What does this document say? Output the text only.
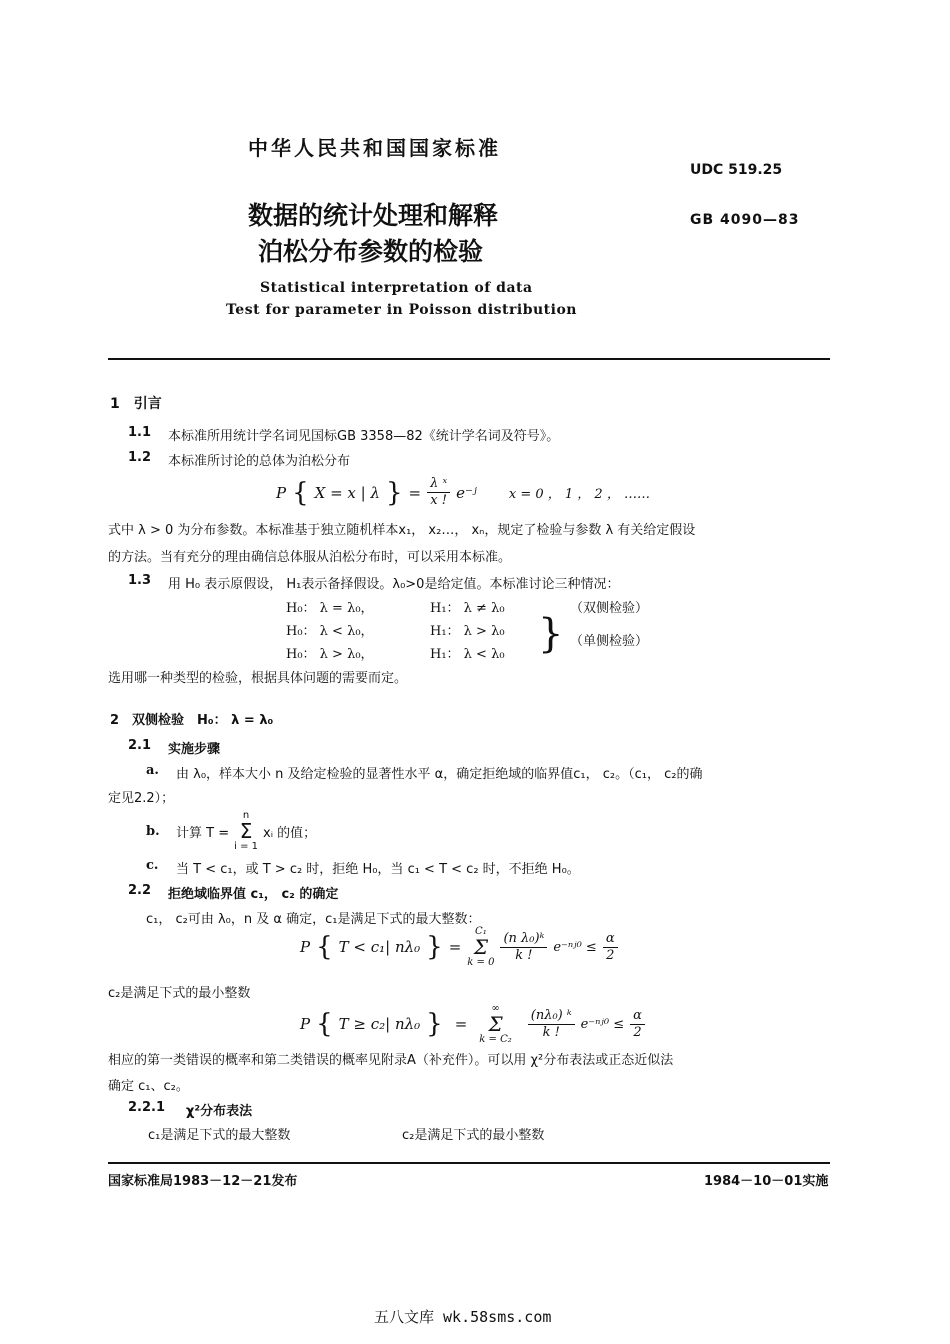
中华人民共和国国家标准
UDC 519.25
数据的统计处理和解释	GB 4090—83
泊松分布参数的检验
Statistical interpretation of data
Test for parameter in Poisson distribution
1　引言
1.1 本标准所用统计学名词见国标GB 3358—82《统计学名词及符号》。
1.2 本标准所讨论的总体为泊松分布
P { X = x | λ } = $\frac{\text{λ ˣ}}{x !}$ e⁻ʲ x = 0 ， 1 ， 2 ， ……
式中 λ > 0 为分布参数。本标准基于独立随机样本x₁， x₂…， xₙ，规定了检验与参数 λ 有关给定假设
的方法。当有充分的理由确信总体服从泊松分布时，可以采用本标准。
1.3 用 H₀ 表示原假设， H₁表示备择假设。λ₀>0是给定值。本标准讨论三种情况：
H₀： λ = λ₀，	H₁： λ ≠ λ₀	（双侧检验）
H₀： λ < λ₀，	H₁： λ > λ₀
H₀： λ > λ₀，	H₁： λ < λ₀ } （单侧检验）
选用哪一种类型的检验，根据具体问题的需要而定。
2　双侧检验　H₀： λ = λ₀
2.1 实施步骤
a. 由 λ₀，样本大小 n 及给定检验的显著性水平 α，确定拒绝域的临界值c₁， c₂。（c₁， c₂的确
定见2.2）；
b. 计算 T =
n
Σ
i = 1
xᵢ 的值；
c. 当 T < c₁，或 T > c₂ 时，拒绝 H₀，当 c₁ < T < c₂ 时，不拒绝 H₀。
2.2 拒绝域临界值 c₁， c₂ 的确定
c₁， c₂可由 λ₀，n 及 α 确定，c₁是满足下式的最大整数：
P { T < c₁| nλ₀ } =
C₁
Σ
$k = 0 \frac{\text{(n λ₀)ᵏ}}{k !}$ e⁻ⁿʲ⁰ ≤ $\frac{\alpha}{2}$
c₂是满足下式的最小整数
P { T ≥ c₂| nλ₀ } =
∞
Σ
$k = C_2 \frac{\text{(nλ₀) ᵏ}}{k !}$ e⁻ⁿʲ⁰ ≤ $\frac{\alpha}{2}$
相应的第一类错误的概率和第二类错误的概率见附录A（补充件）。可以用 χ²分布表法或正态近似法
确定 c₁、c₂。
2.2.1 χ²分布表法
c₁是满足下式的最大整数	c₂是满足下式的最小整数
国家标准局1983－12－21发布	1984－10－01实施
五八文库 wk.58sms.com
